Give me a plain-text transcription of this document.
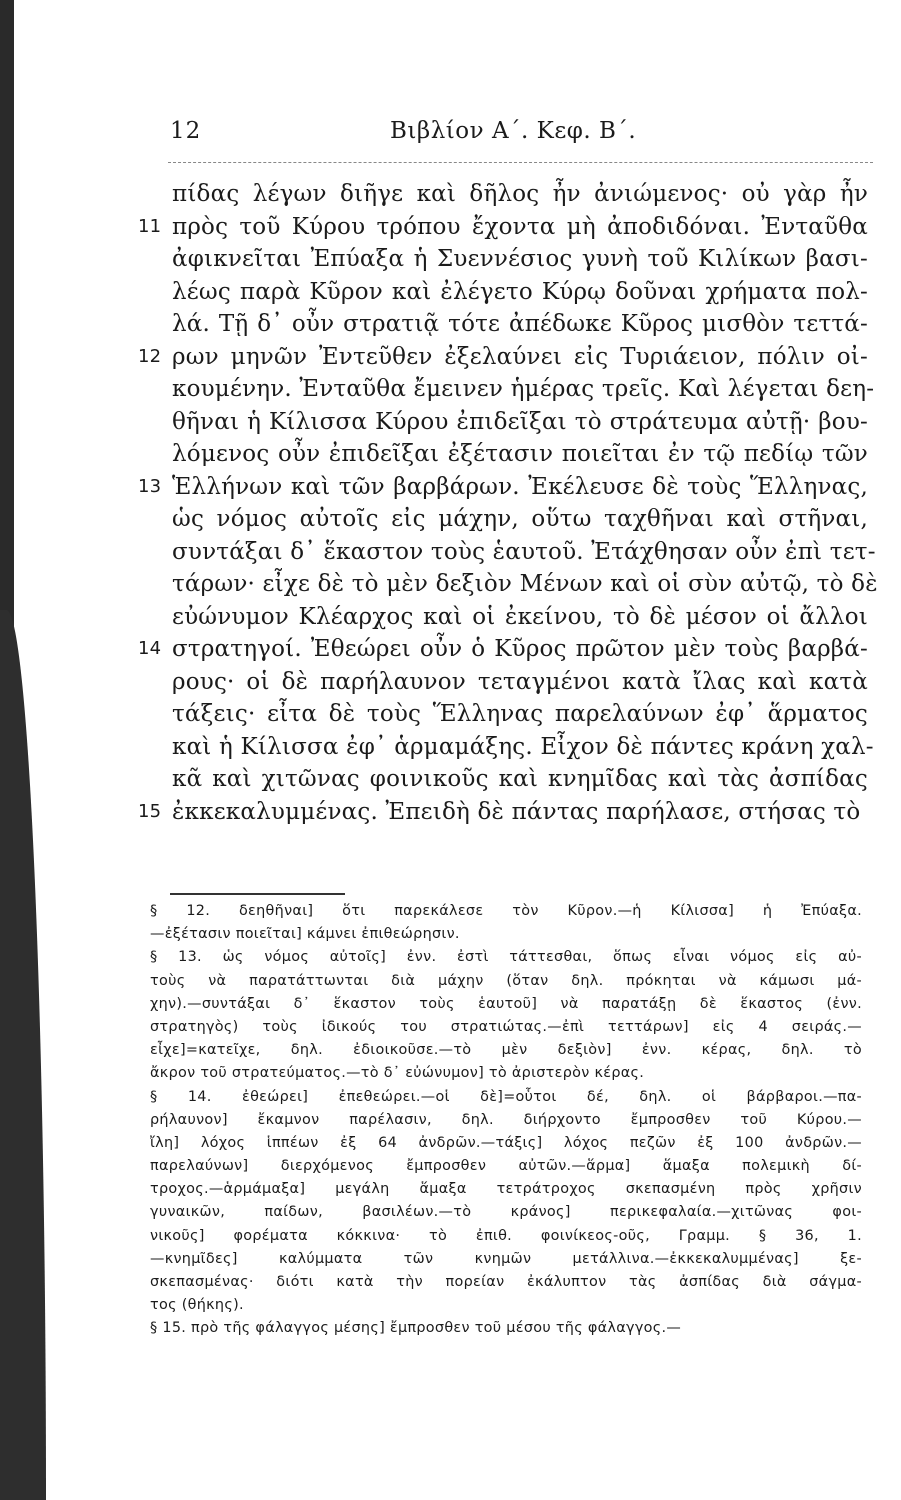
12	Βιβλίον Α΄. Κεφ. Β΄.
πίδας λέγων διῆγε καὶ δῆλος ἦν ἀνιώμενος· οὐ γὰρ ἦν
11 πρὸς τοῦ Κύρου τρόπου ἔχοντα μὴ ἀποδιδόναι. Ἐνταῦθα
ἀφικνεῖται Ἐπύαξα ἡ Συεννέσιος γυνὴ τοῦ Κιλίκων βασι-
λέως παρὰ Κῦρον καὶ ἐλέγετο Κύρῳ δοῦναι χρήματα πολ-
λά. Τῇ δ᾿ οὖν στρατιᾷ τότε ἀπέδωκε Κῦρος μισθὸν τεττά-
12 ρων μηνῶν Ἐντεῦθεν ἐξελαύνει εἰς Τυριάειον, πόλιν οἰ-
κουμένην. Ἐνταῦθα ἔμεινεν ἡμέρας τρεῖς. Καὶ λέγεται δεη-
θῆναι ἡ Κίλισσα Κύρου ἐπιδεῖξαι τὸ στράτευμα αὐτῇ· βου-
λόμενος οὖν ἐπιδεῖξαι ἐξέτασιν ποιεῖται ἐν τῷ πεδίῳ τῶν
13 Ἑλλήνων καὶ τῶν βαρβάρων. Ἐκέλευσε δὲ τοὺς Ἕλληνας,
ὡς νόμος αὐτοῖς εἰς μάχην, οὕτω ταχθῆναι καὶ στῆναι,
συντάξαι δ᾿ ἕκαστον τοὺς ἑαυτοῦ. Ἐτάχθησαν οὖν ἐπὶ τετ-
τάρων· εἶχε δὲ τὸ μὲν δεξιὸν Μένων καὶ οἱ σὺν αὐτῷ, τὸ δὲ
εὐώνυμον Κλέαρχος καὶ οἱ ἐκείνου, τὸ δὲ μέσον οἱ ἄλλοι
14 στρατηγοί. Ἐθεώρει οὖν ὁ Κῦρος πρῶτον μὲν τοὺς βαρβά-
ρους· οἱ δὲ παρήλαυνον τεταγμένοι κατὰ ἴλας καὶ κατὰ
τάξεις· εἶτα δὲ τοὺς Ἕλληνας παρελαύνων ἐφ᾿ ἅρματος
καὶ ἡ Κίλισσα ἐφ᾿ ἁρμαμάξης. Εἶχον δὲ πάντες κράνη χαλ-
κᾶ καὶ χιτῶνας φοινικοῦς καὶ κνημῖδας καὶ τὰς ἀσπίδας
15 ἐκκεκαλυμμένας. Ἐπειδὴ δὲ πάντας παρήλασε, στήσας τὸ
§ 12. δεηθῆναι] ὅτι παρεκάλεσε τὸν Κῦρον.—ἡ Κίλισσα] ἡ Ἐπύαξα.
—ἐξέτασιν ποιεῖται] κάμνει ἐπιθεώρησιν.
§ 13. ὡς νόμος αὐτοῖς] ἐνν. ἐστὶ τάττεσθαι, ὅπως εἶναι νόμος εἰς αὐ-
τοὺς νὰ παρατάττωνται διὰ μάχην (ὅταν δηλ. πρόκηται νὰ κάμωσι μά-
χην).—συντάξαι δ᾿ ἕκαστον τοὺς ἑαυτοῦ] νὰ παρατάξῃ δὲ ἕκαστος (ἐνν.
στρατηγὸς) τοὺς ἰδικούς του στρατιώτας.—ἐπὶ τεττάρων] εἰς 4 σειράς.—
εἶχε]=κατεῖχε, δηλ. ἐδιοικοῦσε.—τὸ μὲν δεξιὸν] ἐνν. κέρας, δηλ. τὸ
ἄκρον τοῦ στρατεύματος.—τὸ δ᾿ εὐώνυμον] τὸ ἀριστερὸν κέρας.
§ 14. ἐθεώρει] ἐπεθεώρει.—οἱ δὲ]=οὗτοι δέ, δηλ. οἱ βάρβαροι.—πα-
ρήλαυνον] ἔκαμνον παρέλασιν, δηλ. διήρχοντο ἔμπροσθεν τοῦ Κύρου.—
ἴλη] λόχος ἱππέων ἐξ 64 ἀνδρῶν.—τάξις] λόχος πεζῶν ἐξ 100 ἀνδρῶν.—
παρελαύνων] διερχόμενος ἔμπροσθεν αὐτῶν.—ἅρμα] ἅμαξα πολεμικὴ δί-
τροχος.—ἁρμάμαξα] μεγάλη ἅμαξα τετράτροχος σκεπασμένη πρὸς χρῆσιν
γυναικῶν, παίδων, βασιλέων.—τὸ κράνος] περικεφαλαία.—χιτῶνας φοι-
νικοῦς] φορέματα κόκκινα· τὸ ἐπιθ. φοινίκεος-οῦς, Γραμμ. § 36, 1.
—κνημῖδες] καλύμματα τῶν κνημῶν μετάλλινα.—ἐκκεκαλυμμένας] ξε-
σκεπασμένας· διότι κατὰ τὴν πορείαν ἐκάλυπτον τὰς ἀσπίδας διὰ σάγμα-
τος (θήκης).
§ 15. πρὸ τῆς φάλαγγος μέσης] ἔμπροσθεν τοῦ μέσου τῆς φάλαγγος.—
